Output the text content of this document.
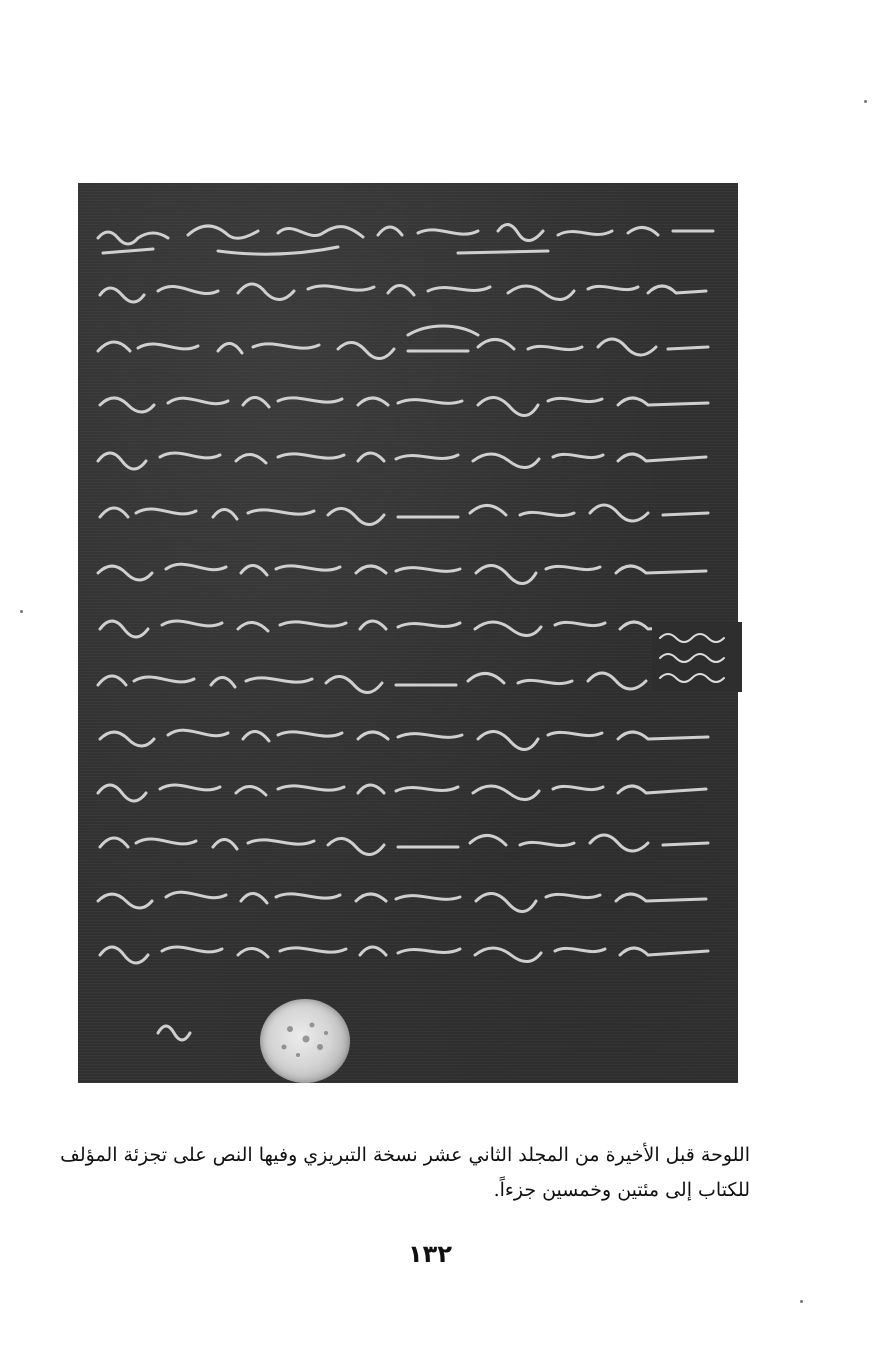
اللوحة قبل الأخيرة من المجلد الثاني عشر نسخة التبريزي وفيها النص على تجزئة المؤلف
للكتاب إلى مئتين وخمسين جزءاً.
١٣٢
